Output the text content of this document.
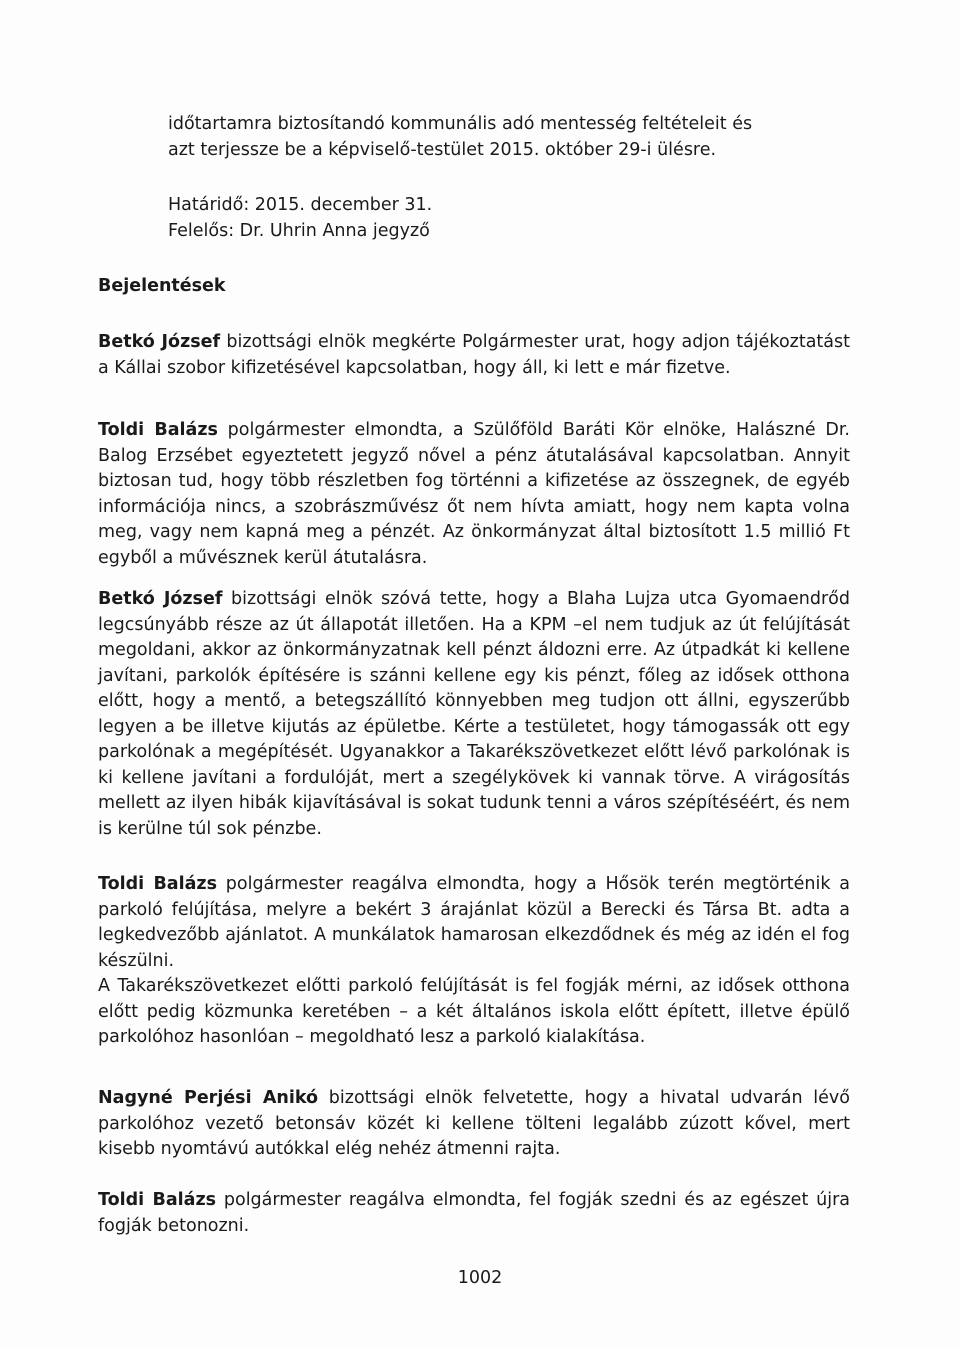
időtartamra biztosítandó kommunális adó mentesség feltételeit és

azt terjessze be a képviselő-testület 2015. október 29-i ülésre.

Határidő: 2015. december 31.

Felelős: Dr. Uhrin Anna jegyző

Bejelentések

Betkó József bizottsági elnök megkérte Polgármester urat, hogy adjon tájékoztatást a Kállai szobor kifizetésével kapcsolatban, hogy áll, ki lett e már fizetve.

Toldi Balázs polgármester elmondta, a Szülőföld Baráti Kör elnöke, Halászné Dr. Balog Erzsébet egyeztetett jegyző nővel a pénz átutalásával kapcsolatban. Annyit biztosan tud, hogy több részletben fog történni a kifizetése az összegnek, de egyéb információja nincs, a szobrászművész őt nem hívta amiatt, hogy nem kapta volna meg, vagy nem kapná meg a pénzét. Az önkormányzat által biztosított 1.5 millió Ft egyből a művésznek kerül átutalásra.

Betkó József bizottsági elnök szóvá tette, hogy a Blaha Lujza utca Gyomaendrőd legcsúnyább része az út állapotát illetően. Ha a KPM –el nem tudjuk az út felújítását megoldani, akkor az önkormányzatnak kell pénzt áldozni erre. Az útpadkát ki kellene javítani, parkolók építésére is szánni kellene egy kis pénzt, főleg az idősek otthona előtt, hogy a mentő, a betegszállító könnyebben meg tudjon ott állni, egyszerűbb legyen a be illetve kijutás az épületbe. Kérte a testületet, hogy támogassák ott egy parkolónak a megépítését. Ugyanakkor a Takarékszövetkezet előtt lévő parkolónak is ki kellene javítani a fordulóját, mert a szegélykövek ki vannak törve. A virágosítás mellett az ilyen hibák kijavításával is sokat tudunk tenni a város szépítéséért, és nem is kerülne túl sok pénzbe.

Toldi Balázs polgármester reagálva elmondta, hogy a Hősök terén megtörténik a parkoló felújítása, melyre a bekért 3 árajánlat közül a Berecki és Társa Bt. adta a legkedvezőbb ajánlatot. A munkálatok hamarosan elkezdődnek és még az idén el fog készülni.

A Takarékszövetkezet előtti parkoló felújítását is fel fogják mérni, az idősek otthona előtt pedig közmunka keretében – a két általános iskola előtt épített, illetve épülő parkolóhoz hasonlóan – megoldható lesz a parkoló kialakítása.

Nagyné Perjési Anikó bizottsági elnök felvetette, hogy a hivatal udvarán lévő parkolóhoz vezető betonsáv közét ki kellene tölteni legalább zúzott kővel, mert kisebb nyomtávú autókkal elég nehéz átmenni rajta.

Toldi Balázs polgármester reagálva elmondta, fel fogják szedni és az egészet újra fogják betonozni.

1002
